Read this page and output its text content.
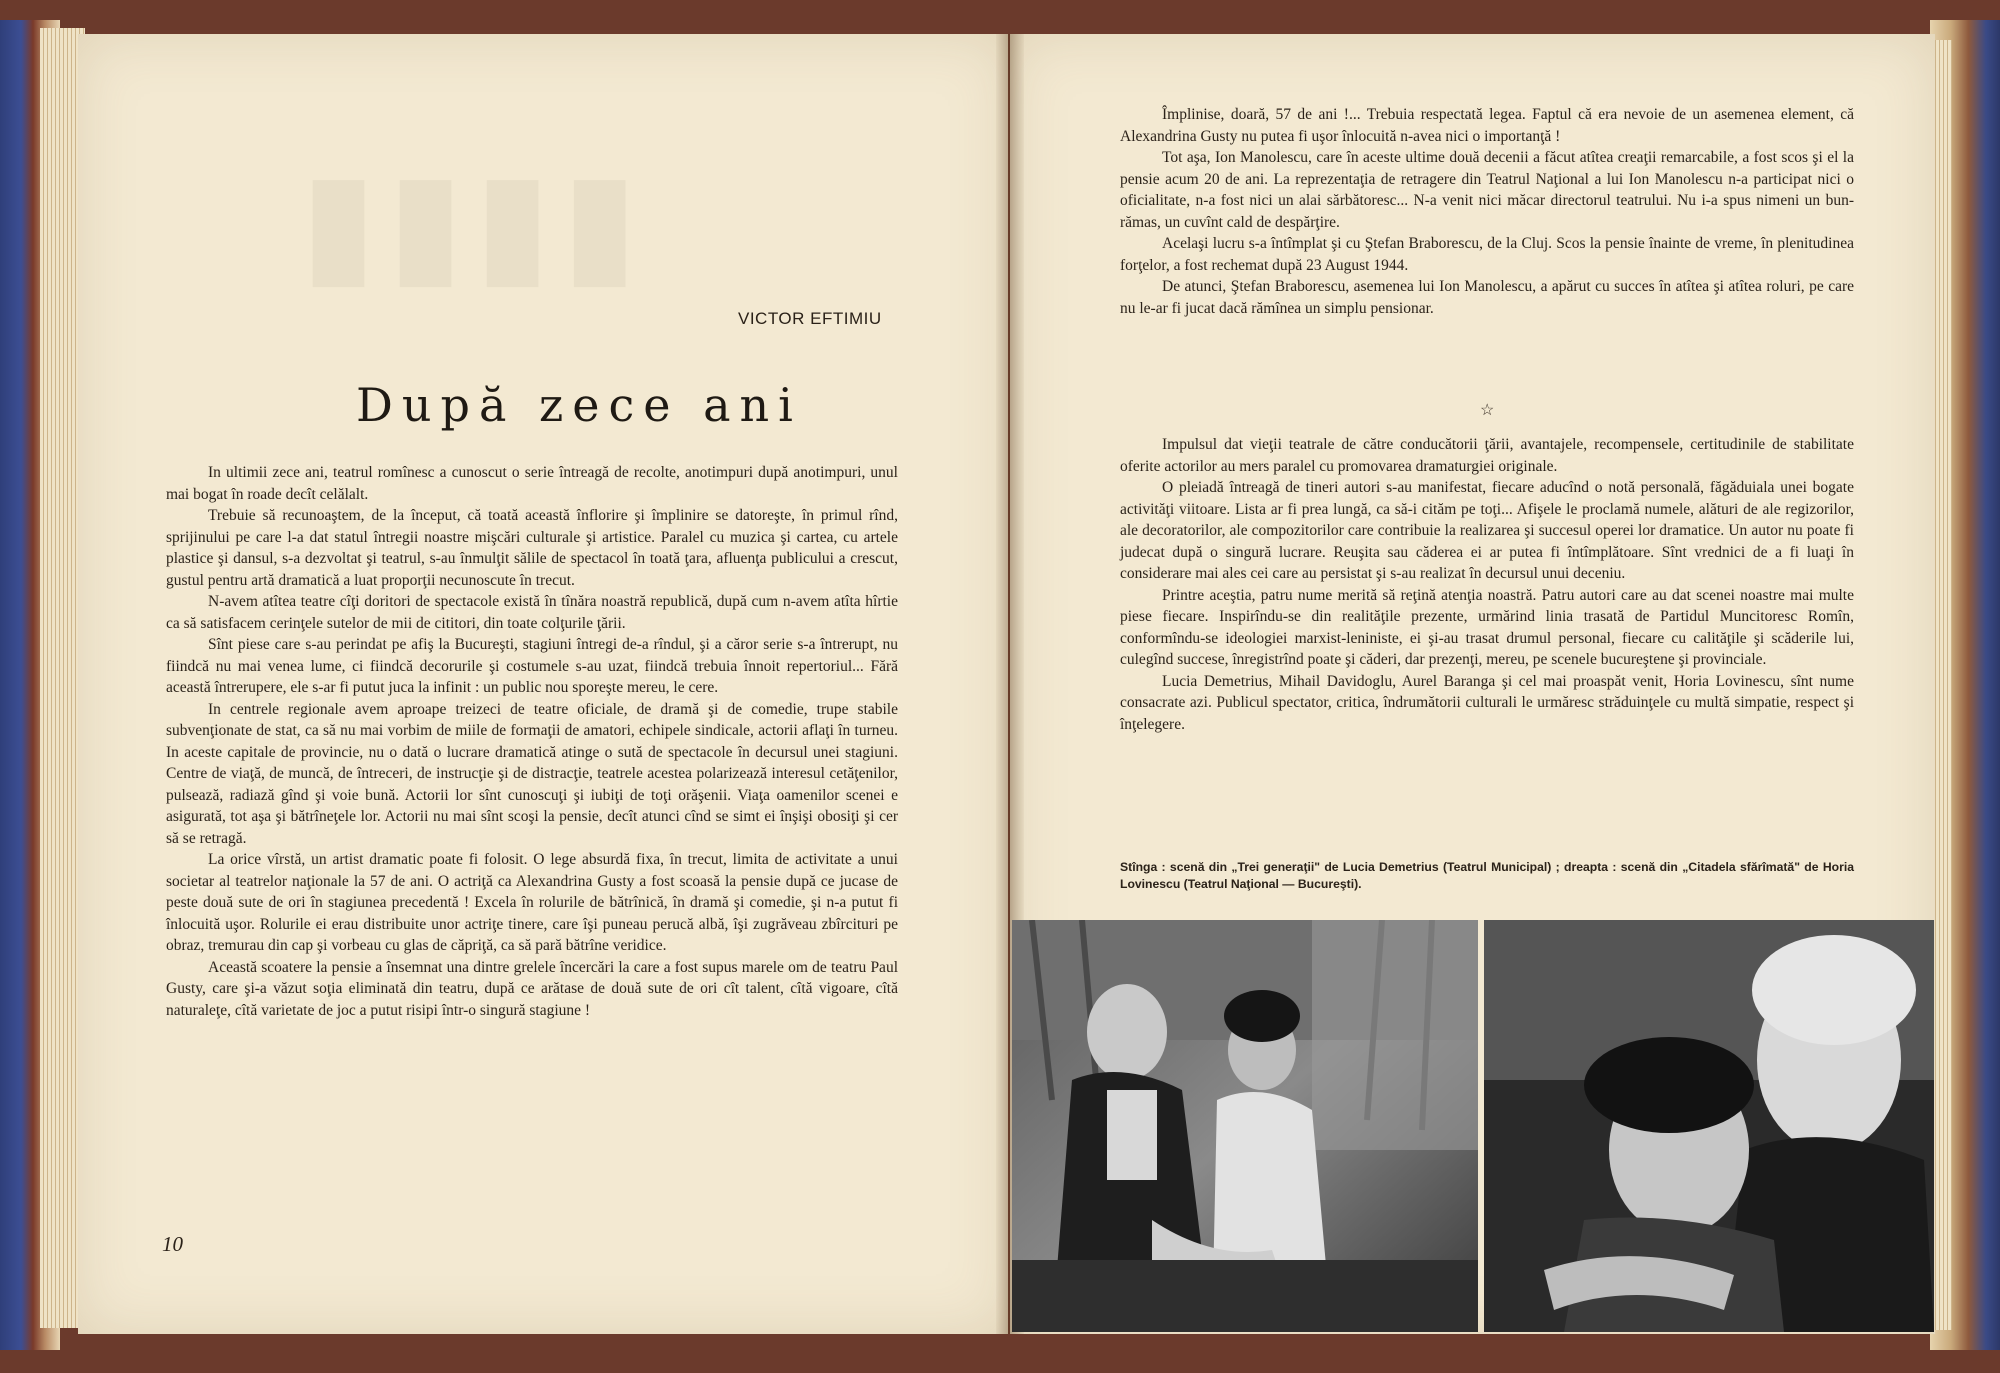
▮▮▮▮
VICTOR EFTIMIU
După zece ani

In ultimii zece ani, teatrul romînesc a cunoscut o serie întreagă de recolte, anotimpuri după anotimpuri, unul mai bogat în roade decît celălalt.

Trebuie să recunoaştem, de la început, că toată această înflorire şi împlinire se datoreşte, în primul rînd, sprijinului pe care l-a dat statul întregii noastre mişcări culturale şi artistice. Paralel cu muzica şi cartea, cu artele plastice şi dansul, s-a dezvoltat şi teatrul, s-au înmulţit sălile de spectacol în toată ţara, afluenţa publicului a crescut, gustul pentru artă dramatică a luat proporţii necunoscute în trecut.

N-avem atîtea teatre cîţi doritori de spectacole există în tînăra noastră republică, după cum n-avem atîta hîrtie ca să satisfacem cerinţele sutelor de mii de cititori, din toate colţurile ţării.

Sînt piese care s-au perindat pe afiş la Bucureşti, stagiuni întregi de-a rîndul, şi a căror serie s-a întrerupt, nu fiindcă nu mai venea lume, ci fiindcă decorurile şi costumele s-au uzat, fiindcă trebuia înnoit repertoriul... Fără această întrerupere, ele s-ar fi putut juca la infinit : un public nou sporeşte mereu, le cere.

In centrele regionale avem aproape treizeci de teatre oficiale, de dramă şi de comedie, trupe stabile subvenţionate de stat, ca să nu mai vorbim de miile de formaţii de amatori, echipele sindicale, actorii aflaţi în turneu. In aceste capitale de provincie, nu o dată o lucrare dramatică atinge o sută de spectacole în decursul unei stagiuni. Centre de viaţă, de muncă, de întreceri, de instrucţie şi de distracţie, teatrele acestea polarizează interesul cetăţenilor, pulsează, radiază gînd şi voie bună. Actorii lor sînt cunoscuţi şi iubiţi de toţi orăşenii. Viaţa oamenilor scenei e asigurată, tot aşa şi bătrîneţele lor. Actorii nu mai sînt scoşi la pensie, decît atunci cînd se simt ei înşişi obosiţi şi cer să se retragă.

La orice vîrstă, un artist dramatic poate fi folosit. O lege absurdă fixa, în trecut, limita de activitate a unui societar al teatrelor naţionale la 57 de ani. O actriţă ca Alexandrina Gusty a fost scoasă la pensie după ce jucase de peste două sute de ori în stagiunea precedentă ! Excela în rolurile de bătrînică, în dramă şi comedie, şi n-a putut fi înlocuită uşor. Rolurile ei erau distribuite unor actriţe tinere, care îşi puneau perucă albă, îşi zugrăveau zbîrcituri pe obraz, tremurau din cap şi vorbeau cu glas de căpriţă, ca să pară bătrîne veridice.

Această scoatere la pensie a însemnat una dintre grelele încercări la care a fost supus marele om de teatru Paul Gusty, care şi-a văzut soţia eliminată din teatru, după ce arătase de două sute de ori cît talent, cîtă vigoare, cîtă naturaleţe, cîtă varietate de joc a putut risipi într-o singură stagiune !

10

Împlinise, doară, 57 de ani !... Trebuia respectată legea. Faptul că era nevoie de un asemenea element, că Alexandrina Gusty nu putea fi uşor înlocuită n-avea nici o importanţă !

Tot aşa, Ion Manolescu, care în aceste ultime două decenii a făcut atîtea creaţii remarcabile, a fost scos şi el la pensie acum 20 de ani. La reprezentaţia de retragere din Teatrul Naţional a lui Ion Manolescu n-a participat nici o oficialitate, n-a fost nici un alai sărbătoresc... N-a venit nici măcar directorul teatrului. Nu i-a spus nimeni un bun-rămas, un cuvînt cald de despărţire.

Acelaşi lucru s-a întîmplat şi cu Ştefan Braborescu, de la Cluj. Scos la pensie înainte de vreme, în plenitudinea forţelor, a fost rechemat după 23 August 1944.

De atunci, Ştefan Braborescu, asemenea lui Ion Manolescu, a apărut cu succes în atîtea şi atîtea roluri, pe care nu le-ar fi jucat dacă rămînea un simplu pensionar.

☆

Impulsul dat vieţii teatrale de către conducătorii ţării, avantajele, recompensele, certitudinile de stabilitate oferite actorilor au mers paralel cu promovarea dramaturgiei originale.

O pleiadă întreagă de tineri autori s-au manifestat, fiecare aducînd o notă personală, făgăduiala unei bogate activităţi viitoare. Lista ar fi prea lungă, ca să-i cităm pe toţi... Afişele le proclamă numele, alături de ale regizorilor, ale decoratorilor, ale compozitorilor care contribuie la realizarea şi succesul operei lor dramatice. Un autor nu poate fi judecat după o singură lucrare. Reuşita sau căderea ei ar putea fi întîmplătoare. Sînt vrednici de a fi luaţi în considerare mai ales cei care au persistat şi s-au realizat în decursul unui deceniu.

Printre aceştia, patru nume merită să reţină atenţia noastră. Patru autori care au dat scenei noastre mai multe piese fiecare. Inspirîndu-se din realităţile prezente, urmărind linia trasată de Partidul Muncitoresc Romîn, conformîndu-se ideologiei marxist-leniniste, ei şi-au trasat drumul personal, fiecare cu calităţile şi scăderile lui, culegînd succese, înregistrînd poate şi căderi, dar prezenţi, mereu, pe scenele bucureştene şi provinciale.

Lucia Demetrius, Mihail Davidoglu, Aurel Baranga şi cel mai proaspăt venit, Horia Lovinescu, sînt nume consacrate azi. Publicul spectator, critica, îndrumătorii culturali le urmăresc străduinţele cu multă simpatie, respect şi înţelegere.

Stînga : scenă din „Trei generaţii" de Lucia Demetrius (Teatrul Municipal) ; dreapta : scenă din „Citadela sfărîmată" de Horia Lovinescu (Teatrul Naţional — Bucureşti).
